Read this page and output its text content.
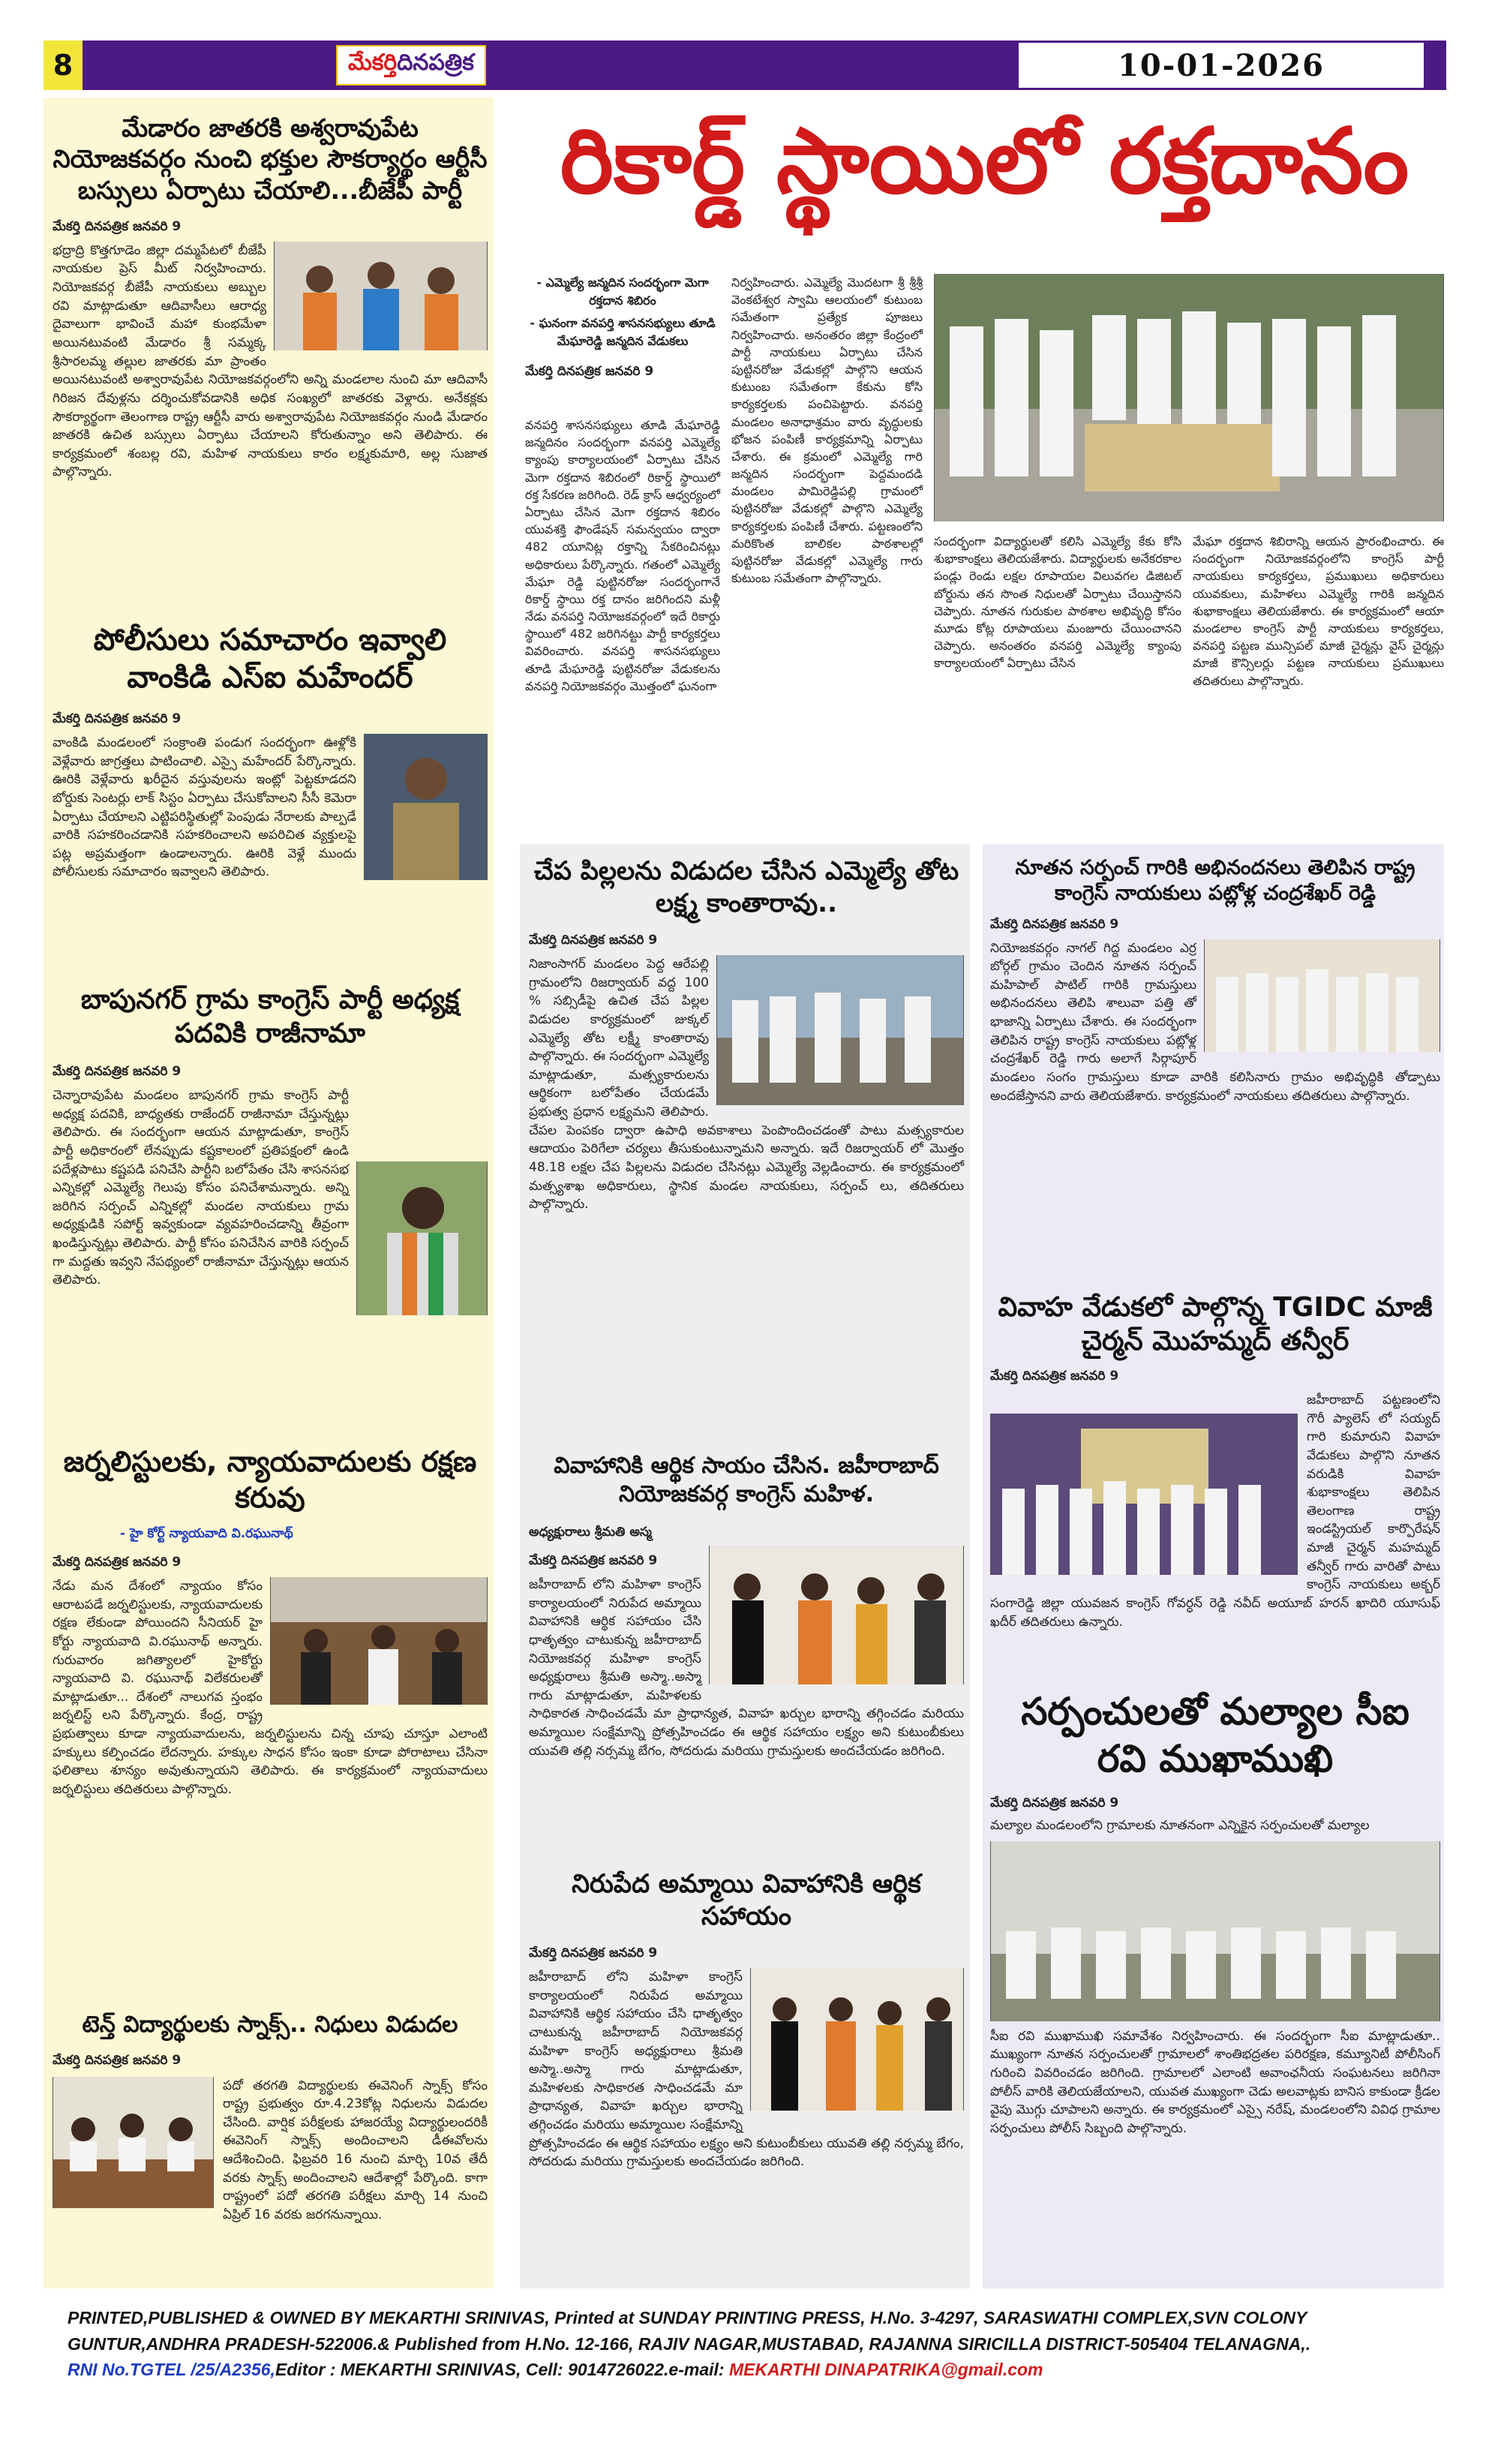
8	మేకర్తి దినపత్రిక	10-01-2026
రికార్డ్ స్థాయిలో రక్తదానం
- ఎమ్మెల్యే జన్మదిన సందర్భంగా మెగా రక్తదాన శిబిరం
- ఘనంగా వనపర్తి శాసనసభ్యులు తూడి మేఘారెడ్డి జన్మదిన వేడుకలు
మేకర్తి దినపత్రిక జనవరి 9
వనపర్తి శాసనసభ్యులు తూడి మేఘారెడ్డి జన్మదినం సందర్భంగా వనపర్తి ఎమ్మెల్యే క్యాంపు కార్యాలయంలో ఏర్పాటు చేసిన మెగా రక్తదాన శిబిరంలో రికార్డ్ స్థాయిలో రక్త సేకరణ జరిగింది. రెడ్ క్రాస్ ఆధ్వర్యంలో ఏర్పాటు చేసిన మెగా రక్తదాన శిబిరం యువశక్తి ఫౌండేషన్ సమన్వయం ద్వారా 482 యూనిట్ల రక్తాన్ని సేకరించినట్లు అధికారులు పేర్కొన్నారు. గతంలో ఎమ్మెల్యే మేఘా రెడ్డి పుట్టినరోజు సందర్భంగానే రికార్డ్ స్థాయి రక్త దానం జరిగిందని మళ్లీ నేడు వనపర్తి నియోజకవర్గంలో ఇదే రికార్డు స్థాయిలో 482 జరిగినట్టు పార్టీ కార్యకర్తలు వివరించారు. వనపర్తి శాసనసభ్యులు తూడి మేఘారెడ్డి పుట్టినరోజు వేడుకలను వనపర్తి నియోజకవర్గం మొత్తంలో ఘనంగా
నిర్వహించారు. ఎమ్మెల్యే మొదటగా శ్రీ శ్రీశ్రీ వెంకటేశ్వర స్వామి ఆలయంలో కుటుంబ సమేతంగా ప్రత్యేక పూజలు నిర్వహించారు. అనంతరం జిల్లా కేంద్రంలో పార్టీ నాయకులు ఏర్పాటు చేసిన పుట్టినరోజు వేడుకల్లో పాల్గొని ఆయన కుటుంబ సమేతంగా కేకును కోసి కార్యకర్తలకు పంచిపెట్టారు. వనపర్తి మండలం అనాధాశ్రమం వారు వృద్ధులకు భోజన పంపిణీ కార్యక్రమాన్ని ఏర్పాటు చేశారు. ఈ క్రమంలో ఎమ్మెల్యే గారి జన్మదిన సందర్భంగా పెద్దమందడి మండలం పామిరెడ్డిపల్లి గ్రామంలో పుట్టినరోజు వేడుకల్లో పాల్గొని ఎమ్మెల్యే కార్యకర్తలకు పంపిణీ చేశారు. పట్టణంలోని మరికొంత బాలికల పాఠశాలల్లో పుట్టినరోజు వేడుకల్లో ఎమ్మెల్యే గారు కుటుంబ సమేతంగా పాల్గొన్నారు.
సందర్భంగా విద్యార్థులతో కలిసి ఎమ్మెల్యే కేకు కోసి శుభాకాంక్షలు తెలియజేశారు. విద్యార్థులకు అనేకరకాల పండ్లు రెండు లక్షల రూపాయల విలువగల డిజిటల్ బోర్డును తన సొంత నిధులతో ఏర్పాటు చేయిస్తానని చెప్పారు. నూతన గురుకుల పాఠశాల అభివృద్ధి కోసం మూడు కోట్ల రూపాయలు మంజూరు చేయించానని చెప్పారు. అనంతరం వనపర్తి ఎమ్మెల్యే క్యాంపు కార్యాలయంలో ఏర్పాటు చేసిన
మేఘా రక్తదాన శిబిరాన్ని ఆయన ప్రారంభించారు. ఈ సందర్భంగా నియోజకవర్గంలోని కాంగ్రెస్ పార్టీ నాయకులు కార్యకర్తలు, ప్రముఖులు అధికారులు యువకులు, మహిళలు ఎమ్మెల్యే గారికి జన్మదిన శుభాకాంక్షలు తెలియజేశారు. ఈ కార్యక్రమంలో ఆయా మండలాల కాంగ్రెస్ పార్టీ నాయకులు కార్యకర్తలు, వనపర్తి పట్టణ మున్సిపల్ మాజీ చైర్మన్లు వైస్ చైర్మన్లు మాజీ కౌన్సిలర్లు పట్టణ నాయకులు ప్రముఖులు తదితరులు పాల్గొన్నారు.
మేడారం జాతరకి అశ్వరావుపేట నియోజకవర్గం నుంచి భక్తుల సౌకర్యార్థం ఆర్టీసీ బస్సులు ఏర్పాటు చేయాలి...బీజేపీ పార్టీ
మేకర్తి దినపత్రిక జనవరి 9
భద్రాద్రి కొత్తగూడెం జిల్లా దమ్మపేటలో బీజేపీ నాయకుల ప్రెస్ మీట్ నిర్వహించారు. నియోజకవర్గ బీజేపీ నాయకులు అబ్బుల రవి మాట్లాడుతూ ఆదివాసీలు ఆరాధ్య దైవాలుగా భావించే మహా కుంభమేళా అయినటువంటి మేడారం శ్రీ సమ్మక్క శ్రీసారలమ్మ తల్లుల జాతరకు మా ప్రాంతం అయినటువంటి అశ్వారావుపేట నియోజకవర్గంలోని అన్ని మండలాల నుంచి మా ఆదివాసీ గిరిజన దేవుళ్లను దర్శించుకోవడానికి అధిక సంఖ్యలో జాతరకు వెళ్లారు. అనేకక్లకు సౌకర్యార్థంగా తెలంగాణ రాష్ట్ర ఆర్టీసీ వారు అశ్వారావుపేట నియోజకవర్గం నుండి మేడారం జాతరకి ఉచిత బస్సులు ఏర్పాటు చేయాలని కోరుతున్నాం అని తెలిపారు. ఈ కార్యక్రమంలో శంబల్ల రవి, మహిళ నాయకులు కారం లక్ష్మకుమారి, అల్ల సుజాత పాల్గొన్నారు.
పోలీసులు సమాచారం ఇవ్వాలి వాంకిడి ఎస్ఐ మహేందర్
మేకర్తి దినపత్రిక జనవరి 9
వాంకిడి మండలంలో సంక్రాంతి పండుగ సందర్భంగా ఊళ్లోకి వెళ్లేవారు జాగ్రత్తలు పాటించాలి. ఎస్సై మహేందర్ పేర్కొన్నారు. ఊరికి వెళ్లేవారు ఖరీదైన వస్తువులను ఇంట్లో పెట్టకూడదని బోర్డుకు సెంటర్లు లాక్ సిస్టం ఏర్పాటు చేసుకోవాలని సీసీ కెమెరా ఏర్పాటు చేయాలని ఎట్టిపరిస్థితుల్లో పెంపుడు నేరాలకు పాల్పడే వారికి సహకరించడానికి సహకరించాలని అపరిచిత వ్యక్తులపై పట్ల అప్రమత్తంగా ఉండాలన్నారు. ఊరికి వెళ్లే ముందు పోలీసులకు సమాచారం ఇవ్వాలని తెలిపారు.
బాపునగర్ గ్రామ కాంగ్రెస్ పార్టీ అధ్యక్ష పదవికి రాజీనామా
మేకర్తి దినపత్రిక జనవరి 9
చెన్నారావుపేట మండలం బాపునగర్ గ్రామ కాంగ్రెస్ పార్టీ అధ్యక్ష పదవికి, బాధ్యతకు రాజేందర్ రాజీనామా చేస్తున్నట్లు తెలిపారు. ఈ సందర్భంగా ఆయన మాట్లాడుతూ, కాంగ్రెస్ పార్టీ అధికారంలో లేనప్పుడు కష్టకాలంలో ప్రతిపక్షంలో ఉండి పదేళ్లపాటు కష్టపడి పనిచేసి పార్టీని బలోపేతం చేసి శాసనసభ ఎన్నికల్లో ఎమ్మెల్యే గెలుపు కోసం పనిచేశామన్నారు. అన్ని జరిగిన సర్పంచ్ ఎన్నికల్లో మండల నాయకులు గ్రామ అధ్యక్షుడికి సపోర్ట్ ఇవ్వకుండా వ్యవహరించడాన్ని తీవ్రంగా ఖండిస్తున్నట్లు తెలిపారు. పార్టీ కోసం పనిచేసిన వారికి సర్పంచ్ గా మద్దతు ఇవ్వని నేపథ్యంలో రాజీనామా చేస్తున్నట్లు ఆయన తెలిపారు.
జర్నలిస్టులకు, న్యాయవాదులకు రక్షణ కరువు
- హై కోర్ట్ న్యాయవాది వి.రఘునాథ్
మేకర్తి దినపత్రిక జనవరి 9
నేడు మన దేశంలో న్యాయం కోసం ఆరాటపడే జర్నలిస్టులకు, న్యాయవాదులకు రక్షణ లేకుండా పోయిందని సీనియర్ హై కోర్టు న్యాయవాది వి.రఘునాథ్ అన్నారు. గురువారం జగిత్యాలలో హైకోర్టు న్యాయవాది వి. రఘునాథ్ విలేకరులతో మాట్లాడుతూ... దేశంలో నాలుగవ స్తంభం జర్నలిస్ట్ లని పేర్కొన్నారు. కేంద్ర, రాష్ట్ర ప్రభుత్వాలు కూడా న్యాయవాదులను, జర్నలిస్టులను చిన్న చూపు చూస్తూ ఎలాంటి హక్కులు కల్పించడం లేదన్నారు. హక్కుల సాధన కోసం ఇంకా కూడా పోరాటాలు చేసినా ఫలితాలు శూన్యం అవుతున్నాయని తెలిపారు. ఈ కార్యక్రమంలో న్యాయవాదులు జర్నలిస్టులు తదితరులు పాల్గొన్నారు.
టెన్త్ విద్యార్థులకు స్నాక్స్.. నిధులు విడుదల
మేకర్తి దినపత్రిక జనవరి 9
పదో తరగతి విద్యార్థులకు ఈవెనింగ్ స్నాక్స్ కోసం రాష్ట్ర ప్రభుత్వం రూ.4.23కోట్ల నిధులను విడుదల చేసింది. వార్షిక పరీక్షలకు హాజరయ్యే విద్యార్థులందరికీ ఈవెనింగ్ స్నాక్స్ అందించాలని డీఈవోలను ఆదేశించింది. ఫిబ్రవరి 16 నుంచి మార్చి 10వ తేదీ వరకు స్నాక్స్ అందించాలని ఆదేశాల్లో పేర్కొంది. కాగా రాష్ట్రంలో పదో తరగతి పరీక్షలు మార్చి 14 నుంచి ఏప్రిల్ 16 వరకు జరగనున్నాయి.
చేప పిల్లలను విడుదల చేసిన ఎమ్మెల్యే తోట లక్ష్మ కాంతారావు..
మేకర్తి దినపత్రిక జనవరి 9
నిజాంసాగర్ మండలం పెద్ద ఆరేపల్లి గ్రామంలోని రిజర్వాయర్ వద్ద 100 % సబ్సిడీపై ఉచిత చేప పిల్లల విడుదల కార్యక్రమంలో జుక్కల్ ఎమ్మెల్యే తోట లక్ష్మీ కాంతారావు పాల్గొన్నారు. ఈ సందర్భంగా ఎమ్మెల్యే మాట్లాడుతూ, మత్స్యకారులను ఆర్థికంగా బలోపేతం చేయడమే ప్రభుత్వ ప్రధాన లక్ష్యమని తెలిపారు. చేపల పెంపకం ద్వారా ఉపాధి అవకాశాలు పెంపొందించడంతో పాటు మత్స్యకారుల ఆదాయం పెరిగేలా చర్యలు తీసుకుంటున్నామని అన్నారు. ఇదే రిజర్వాయర్ లో మొత్తం 48.18 లక్షల చేప పిల్లలను విడుదల చేసినట్లు ఎమ్మెల్యే వెల్లడించారు. ఈ కార్యక్రమంలో మత్స్యశాఖ అధికారులు, స్థానిక మండల నాయకులు, సర్పంచ్ లు, తదితరులు పాల్గొన్నారు.
వివాహానికి ఆర్థిక సాయం చేసిన. జహీరాబాద్ నియోజకవర్గ కాంగ్రెస్ మహిళ.
అధ్యక్షురాలు శ్రీమతి అస్మ
మేకర్తి దినపత్రిక జనవరి 9
జహీరాబాద్ లోని మహిళా కాంగ్రెస్ కార్యాలయంలో నిరుపేద అమ్మాయి వివాహానికి ఆర్థిక సహాయం చేసి ధాతృత్వం చాటుకున్న జహీరాబాద్ నియోజకవర్గ మహిళా కాంగ్రెస్ అధ్యక్షురాలు శ్రీమతి అస్మా..అస్మా గారు మాట్లాడుతూ, మహిళలకు సాధికారత సాధించడమే మా ప్రాధాన్యత, వివాహ ఖర్చుల భారాన్ని తగ్గించడం మరియు అమ్మాయిల సంక్షేమాన్ని ప్రోత్సహించడం ఈ ఆర్థిక సహాయం లక్ష్యం అని కుటుంబీకులు యువతి తల్లి నర్సమ్మ బేగం, సోదరుడు మరియు గ్రామస్తులకు అందచేయడం జరిగింది.
నిరుపేద అమ్మాయి వివాహానికి ఆర్థిక సహాయం
మేకర్తి దినపత్రిక జనవరి 9
జహీరాబాద్ లోని మహిళా కాంగ్రెస్ కార్యాలయంలో నిరుపేద అమ్మాయి వివాహానికి ఆర్థిక సహాయం చేసి ధాతృత్వం చాటుకున్న జహీరాబాద్ నియోజకవర్గ మహిళా కాంగ్రెస్ అధ్యక్షురాలు శ్రీమతి అస్మా..అస్మా గారు మాట్లాడుతూ, మహిళలకు సాధికారత సాధించడమే మా ప్రాధాన్యత, వివాహ ఖర్చుల భారాన్ని తగ్గించడం మరియు అమ్మాయిల సంక్షేమాన్ని ప్రోత్సహించడం ఈ ఆర్థిక సహాయం లక్ష్యం అని కుటుంబీకులు యువతి తల్లి నర్సమ్మ బేగం, సోదరుడు మరియు గ్రామస్తులకు అందచేయడం జరిగింది.
నూతన సర్పంచ్ గారికి అభినందనలు తెలిపిన రాష్ట్ర కాంగ్రెస్ నాయకులు పట్లోళ్ల చంద్రశేఖర్ రెడ్డి
మేకర్తి దినపత్రిక జనవరి 9
నియోజకవర్గం నాగల్ గిద్ద మండలం ఎర్ర బోర్గల్ గ్రామం చెందిన నూతన సర్పంచ్ మహిపాల్ పాటిల్ గారికి గ్రామస్తులు అభినందనలు తెలిపి శాలువా పత్తి తో భాజాన్ని ఏర్పాటు చేశారు. ఈ సందర్భంగా తెలిపిన రాష్ట్ర కాంగ్రెస్ నాయకులు పట్లోళ్ల చంద్రశేఖర్ రెడ్డి గారు అలాగే సిర్గాపూర్ మండలం సంగం గ్రామస్తులు కూడా వారికి కలిసినారు గ్రామం అభివృద్ధికి తోడ్పాటు అందజేస్తానని వారు తెలియజేశారు. కార్యక్రమంలో నాయకులు తదితరులు పాల్గొన్నారు.
వివాహ వేడుకలో పాల్గొన్న TGIDC మాజీ చైర్మన్ మొహమ్మద్ తన్వీర్
మేకర్తి దినపత్రిక జనవరి 9
జహీరాబాద్ పట్టణంలోని గౌరీ ప్యాలెస్ లో సయ్యద్ గారి కుమారుని వివాహ వేడుకలు పాల్గొని నూతన వరుడికి వివాహ శుభాకాంక్షలు తెలిపిన తెలంగాణ రాష్ట్ర ఇండస్ట్రియల్ కార్పొరేషన్ మాజీ చైర్మన్ మహమ్మద్ తన్వీర్ గారు వారితో పాటు కాంగ్రెస్ నాయకులు అక్బర్ సంగారెడ్డి జిల్లా యువజన కాంగ్రెస్ గోవర్ధన్ రెడ్డి నవీద్ అయూబ్ హరన్ ఖాదిరి యూసుఫ్ ఖదీర్ తదితరులు ఉన్నారు.
సర్పంచులతో మల్యాల సీఐ రవి ముఖాముఖి
మేకర్తి దినపత్రిక జనవరి 9
మల్యాల మండలంలోని గ్రామాలకు నూతనంగా ఎన్నికైన సర్పంచులతో మల్యాల
సీఐ రవి ముఖాముఖి సమావేశం నిర్వహించారు. ఈ సందర్భంగా సీఐ మాట్లాడుతూ.. ముఖ్యంగా నూతన సర్పంచులతో గ్రామాలలో శాంతిభద్రతల పరిరక్షణ, కమ్యూనిటీ పోలీసింగ్ గురించి వివరించడం జరిగింది. గ్రామాలలో ఎలాంటి అవాంఛనీయ సంఘటనలు జరిగినా పోలీస్ వారికి తెలియజేయాలని, యువత ముఖ్యంగా చెడు అలవాట్లకు బానిస కాకుండా క్రీడల వైపు మొగ్గు చూపాలని అన్నారు. ఈ కార్యక్రమంలో ఎస్సై నరేష్, మండలంలోని వివిధ గ్రామాల సర్పంచులు పోలీస్ సిబ్బంది పాల్గొన్నారు.
PRINTED,PUBLISHED & OWNED BY MEKARTHI SRINIVAS, Printed at SUNDAY PRINTING PRESS, H.No. 3-4297, SARASWATHI COMPLEX,SVN COLONY
GUNTUR,ANDHRA PRADESH-522006.& Published from H.No. 12-166, RAJIV NAGAR,MUSTABAD, RAJANNA SIRICILLA DISTRICT-505404 TELANAGNA,.
RNI No.TGTEL /25/A2356,Editor : MEKARTHI SRINIVAS, Cell: 9014726022.e-mail: MEKARTHI DINAPATRIKA@gmail.com
